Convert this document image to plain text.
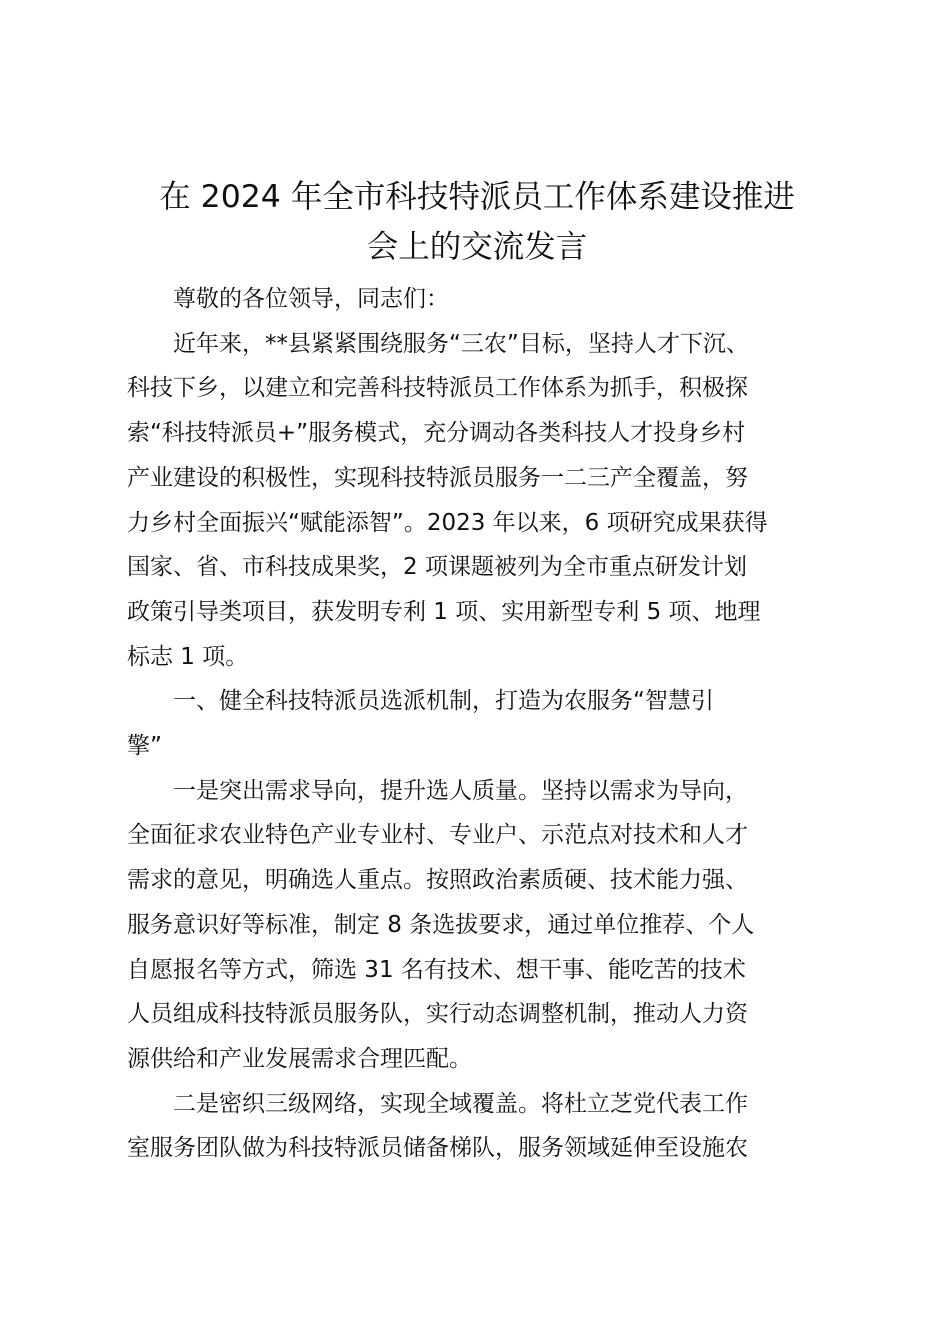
在 2024 年全市科技特派员工作体系建设推进
会上的交流发言

尊敬的各位领导，同志们：

近年来，**县紧紧围绕服务“三农”目标，坚持人才下沉、
科技下乡，以建立和完善科技特派员工作体系为抓手，积极探
索“科技特派员+”服务模式，充分调动各类科技人才投身乡村
产业建设的积极性，实现科技特派员服务一二三产全覆盖，努
力乡村全面振兴“赋能添智”。2023 年以来，6 项研究成果获得
国家、省、市科技成果奖，2 项课题被列为全市重点研发计划
政策引导类项目，获发明专利 1 项、实用新型专利 5 项、地理
标志 1 项。
一、健全科技特派员选派机制，打造为农服务“智慧引
擎”
一是突出需求导向，提升选人质量。坚持以需求为导向，
全面征求农业特色产业专业村、专业户、示范点对技术和人才
需求的意见，明确选人重点。按照政治素质硬、技术能力强、
服务意识好等标准，制定 8 条选拔要求，通过单位推荐、个人
自愿报名等方式，筛选 31 名有技术、想干事、能吃苦的技术
人员组成科技特派员服务队，实行动态调整机制，推动人力资
源供给和产业发展需求合理匹配。
二是密织三级网络，实现全域覆盖。将杜立芝党代表工作
室服务团队做为科技特派员储备梯队，服务领域延伸至设施农
